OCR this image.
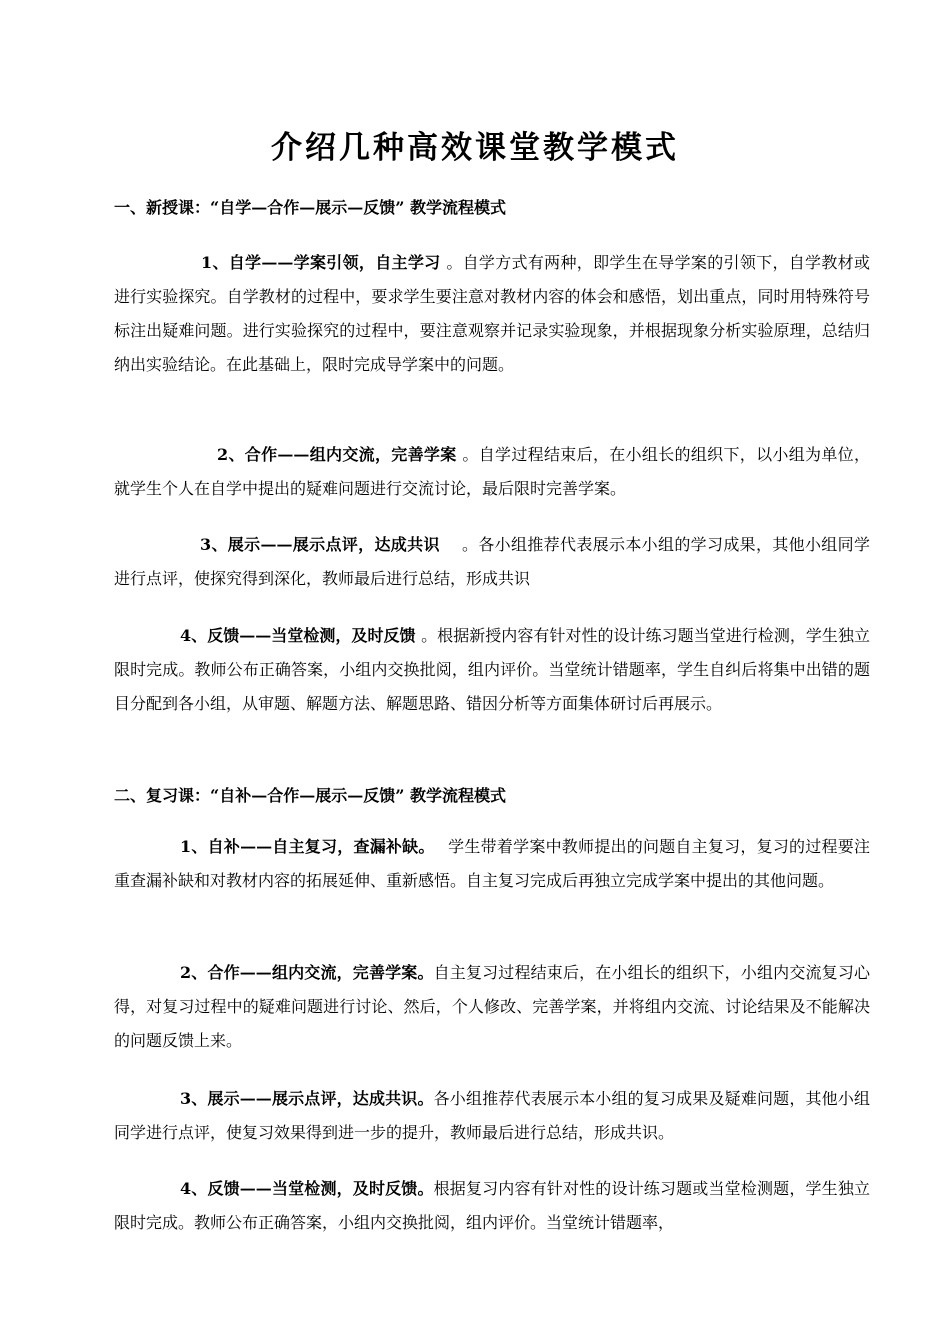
介绍几种高效课堂教学模式
一、新授课：“自学—合作—展示—反馈” 教学流程模式
1、自学——学案引领，自主学习 。自学方式有两种，即学生在导学案的引领下，自学教材或进行实验探究。自学教材的过程中，要求学生要注意对教材内容的体会和感悟，划出重点，同时用特殊符号标注出疑难问题。进行实验探究的过程中，要注意观察并记录实验现象，并根据现象分析实验原理，总结归纳出实验结论。在此基础上，限时完成导学案中的问题。
2、合作——组内交流，完善学案 。自学过程结束后，在小组长的组织下，以小组为单位，就学生个人在自学中提出的疑难问题进行交流讨论，最后限时完善学案。
3、展示——展示点评，达成共识　 。各小组推荐代表展示本小组的学习成果，其他小组同学进行点评，使探究得到深化，教师最后进行总结，形成共识
4、反馈——当堂检测，及时反馈 。根据新授内容有针对性的设计练习题当堂进行检测，学生独立限时完成。教师公布正确答案，小组内交换批阅，组内评价。当堂统计错题率，学生自纠后将集中出错的题目分配到各小组，从审题、解题方法、解题思路、错因分析等方面集体研讨后再展示。
二、复习课：“自补—合作—展示—反馈” 教学流程模式
1、自补——自主复习，查漏补缺。　 学生带着学案中教师提出的问题自主复习，复习的过程要注重查漏补缺和对教材内容的拓展延伸、重新感悟。自主复习完成后再独立完成学案中提出的其他问题。
2、合作——组内交流，完善学案。自主复习过程结束后，在小组长的组织下，小组内交流复习心得，对复习过程中的疑难问题进行讨论、然后，个人修改、完善学案，并将组内交流、讨论结果及不能解决的问题反馈上来。
3、展示——展示点评，达成共识。各小组推荐代表展示本小组的复习成果及疑难问题，其他小组同学进行点评，使复习效果得到进一步的提升，教师最后进行总结，形成共识。
4、反馈——当堂检测，及时反馈。根据复习内容有针对性的设计练习题或当堂检测题，学生独立限时完成。教师公布正确答案，小组内交换批阅，组内评价。当堂统计错题率，
